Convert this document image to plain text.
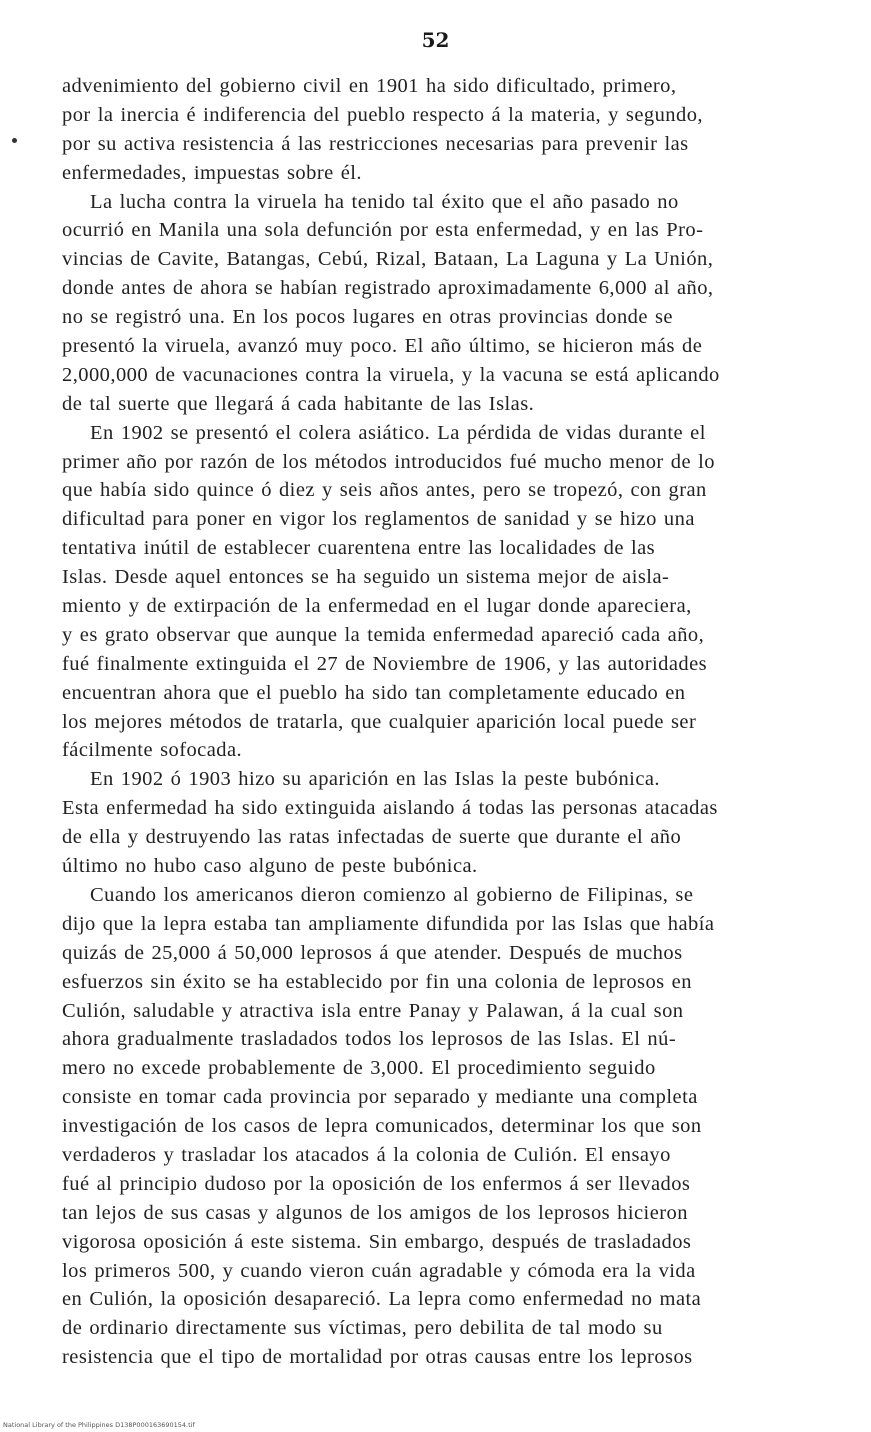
52
advenimiento del gobierno civil en 1901 ha sido dificultado, primero,
por la inercia é indiferencia del pueblo respecto á la materia, y segundo,
por su activa resistencia á las restricciones necesarias para prevenir las
enfermedades, impuestas sobre él.
La lucha contra la viruela ha tenido tal éxito que el año pasado no
ocurrió en Manila una sola defunción por esta enfermedad, y en las Pro-
vincias de Cavite, Batangas, Cebú, Rizal, Bataan, La Laguna y La Unión,
donde antes de ahora se habían registrado aproximadamente 6,000 al año,
no se registró una. En los pocos lugares en otras provincias donde se
presentó la viruela, avanzó muy poco. El año último, se hicieron más de
2,000,000 de vacunaciones contra la viruela, y la vacuna se está aplicando
de tal suerte que llegará á cada habitante de las Islas.
En 1902 se presentó el colera asiático. La pérdida de vidas durante el
primer año por razón de los métodos introducidos fué mucho menor de lo
que había sido quince ó diez y seis años antes, pero se tropezó, con gran
dificultad para poner en vigor los reglamentos de sanidad y se hizo una
tentativa inútil de establecer cuarentena entre las localidades de las
Islas. Desde aquel entonces se ha seguido un sistema mejor de aisla-
miento y de extirpación de la enfermedad en el lugar donde apareciera,
y es grato observar que aunque la temida enfermedad apareció cada año,
fué finalmente extinguida el 27 de Noviembre de 1906, y las autoridades
encuentran ahora que el pueblo ha sido tan completamente educado en
los mejores métodos de tratarla, que cualquier aparición local puede ser
fácilmente sofocada.
En 1902 ó 1903 hizo su aparición en las Islas la peste bubónica.
Esta enfermedad ha sido extinguida aislando á todas las personas atacadas
de ella y destruyendo las ratas infectadas de suerte que durante el año
último no hubo caso alguno de peste bubónica.
Cuando los americanos dieron comienzo al gobierno de Filipinas, se
dijo que la lepra estaba tan ampliamente difundida por las Islas que había
quizás de 25,000 á 50,000 leprosos á que atender. Después de muchos
esfuerzos sin éxito se ha establecido por fin una colonia de leprosos en
Culión, saludable y atractiva isla entre Panay y Palawan, á la cual son
ahora gradualmente trasladados todos los leprosos de las Islas. El nú-
mero no excede probablemente de 3,000. El procedimiento seguido
consiste en tomar cada provincia por separado y mediante una completa
investigación de los casos de lepra comunicados, determinar los que son
verdaderos y trasladar los atacados á la colonia de Culión. El ensayo
fué al principio dudoso por la oposición de los enfermos á ser llevados
tan lejos de sus casas y algunos de los amigos de los leprosos hicieron
vigorosa oposición á este sistema. Sin embargo, después de trasladados
los primeros 500, y cuando vieron cuán agradable y cómoda era la vida
en Culión, la oposición desapareció. La lepra como enfermedad no mata
de ordinario directamente sus víctimas, pero debilita de tal modo su
resistencia que el tipo de mortalidad por otras causas entre los leprosos
National Library of the Philippines D138P000163690154.tif
